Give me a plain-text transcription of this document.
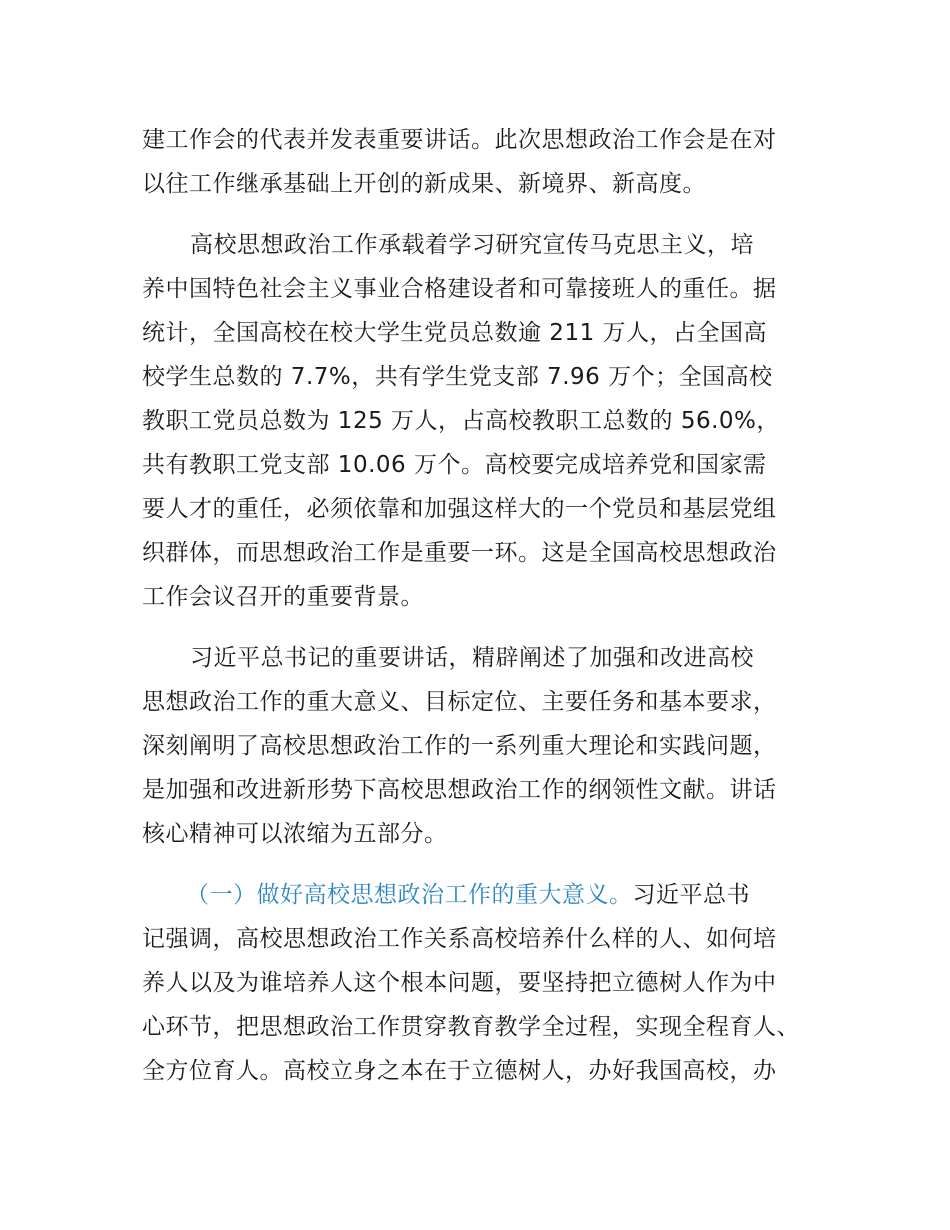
建工作会的代表并发表重要讲话。此次思想政治工作会是在对

以往工作继承基础上开创的新成果、新境界、新高度。

高校思想政治工作承载着学习研究宣传马克思主义，培

养中国特色社会主义事业合格建设者和可靠接班人的重任。据

统计，全国高校在校大学生党员总数逾 211 万人，占全国高

校学生总数的 7.7%，共有学生党支部 7.96 万个；全国高校

教职工党员总数为 125 万人，占高校教职工总数的 56.0%，

共有教职工党支部 10.06 万个。高校要完成培养党和国家需

要人才的重任，必须依靠和加强这样大的一个党员和基层党组

织群体，而思想政治工作是重要一环。这是全国高校思想政治

工作会议召开的重要背景。

习近平总书记的重要讲话，精辟阐述了加强和改进高校

思想政治工作的重大意义、目标定位、主要任务和基本要求，

深刻阐明了高校思想政治工作的一系列重大理论和实践问题，

是加强和改进新形势下高校思想政治工作的纲领性文献。讲话

核心精神可以浓缩为五部分。

（一）做好高校思想政治工作的重大意义。习近平总书

记强调，高校思想政治工作关系高校培养什么样的人、如何培

养人以及为谁培养人这个根本问题，要坚持把立德树人作为中

心环节，把思想政治工作贯穿教育教学全过程，实现全程育人、

全方位育人。高校立身之本在于立德树人，办好我国高校，办
